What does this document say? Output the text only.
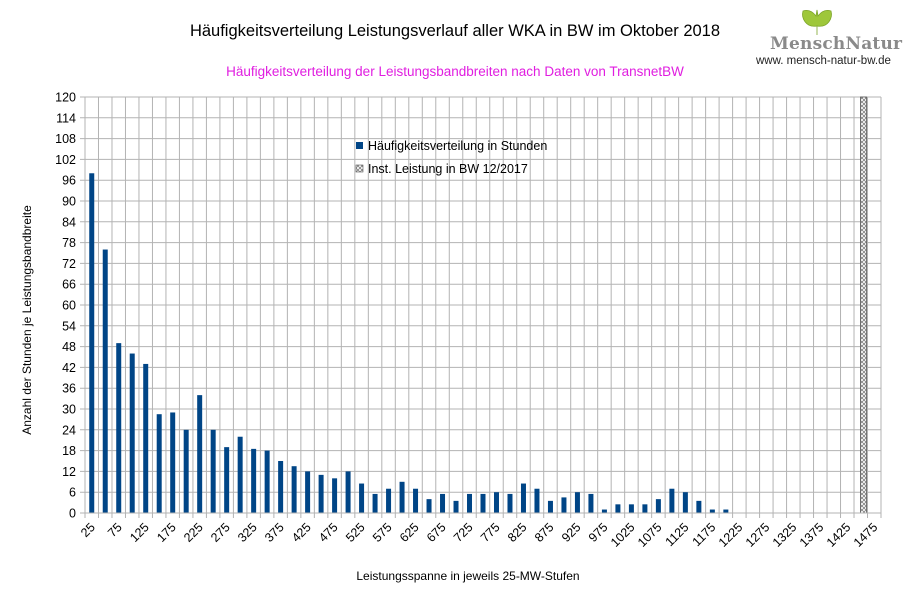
Häufigkeitsverteilung Leistungsverlauf aller WKA in BW im Oktober 2018
Häufigkeitsverteilung der Leistungsbandbreiten nach Daten von TransnetBW
MenschNatur
www. mensch-natur-bw.de
0
6
12
18
24
30
36
42
48
54
60
66
72
78
84
90
96
102
108
114
120
25 75 125 175 225 275 325 375 425 475 525 575 625 675 725 775 825 875 925 975
1025
1075
1125
1175
1225
1275
1325
1375
1425
1475
Häufigkeitsverteilung in Stunden
Inst. Leistung in BW 12/2017
Leistungsspanne in jeweils 25-MW-Stufen
Anzahl der Stunden je Leistungsbandbreite
